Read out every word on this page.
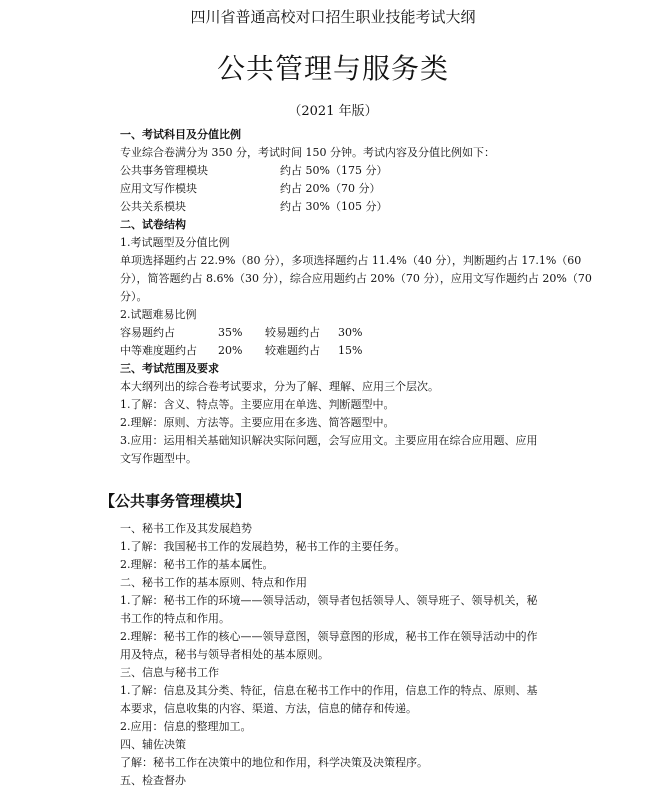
四川省普通高校对口招生职业技能考试大纲
公共管理与服务类
（2021 年版）
一、考试科目及分值比例
专业综合卷满分为 350 分，考试时间 150 分钟。考试内容及分值比例如下：
公共事务管理模块	约占 50%（175 分）
应用文写作模块	约占 20%（70 分）
公共关系模块	约占 30%（105 分）
二、试卷结构
1.考试题型及分值比例
单项选择题约占 22.9%（80 分），多项选择题约占 11.4%（40 分），判断题约占 17.1%（60
分），简答题约占 8.6%（30 分），综合应用题约占 20%（70 分），应用文写作题约占 20%（70
分）。
2.试题难易比例
容易题约占	35% 较易题约占 30%
中等难度题约占 20% 较难题约占 15%
三、考试范围及要求
本大纲列出的综合卷考试要求，分为了解、理解、应用三个层次。
1.了解：含义、特点等。主要应用在单选、判断题型中。
2.理解：原则、方法等。主要应用在多选、简答题型中。
3.应用：运用相关基础知识解决实际问题，会写应用文。主要应用在综合应用题、应用
文写作题型中。
【公共事务管理模块】
一、秘书工作及其发展趋势
1.了解：我国秘书工作的发展趋势，秘书工作的主要任务。
2.理解：秘书工作的基本属性。
二、秘书工作的基本原则、特点和作用
1.了解：秘书工作的环境——领导活动，领导者包括领导人、领导班子、领导机关，秘
书工作的特点和作用。
2.理解：秘书工作的核心——领导意图，领导意图的形成，秘书工作在领导活动中的作
用及特点，秘书与领导者相处的基本原则。
三、信息与秘书工作
1.了解：信息及其分类、特征，信息在秘书工作中的作用，信息工作的特点、原则、基
本要求，信息收集的内容、渠道、方法，信息的储存和传递。
2.应用：信息的整理加工。
四、辅佐决策
了解：秘书工作在决策中的地位和作用，科学决策及决策程序。
五、检查督办
